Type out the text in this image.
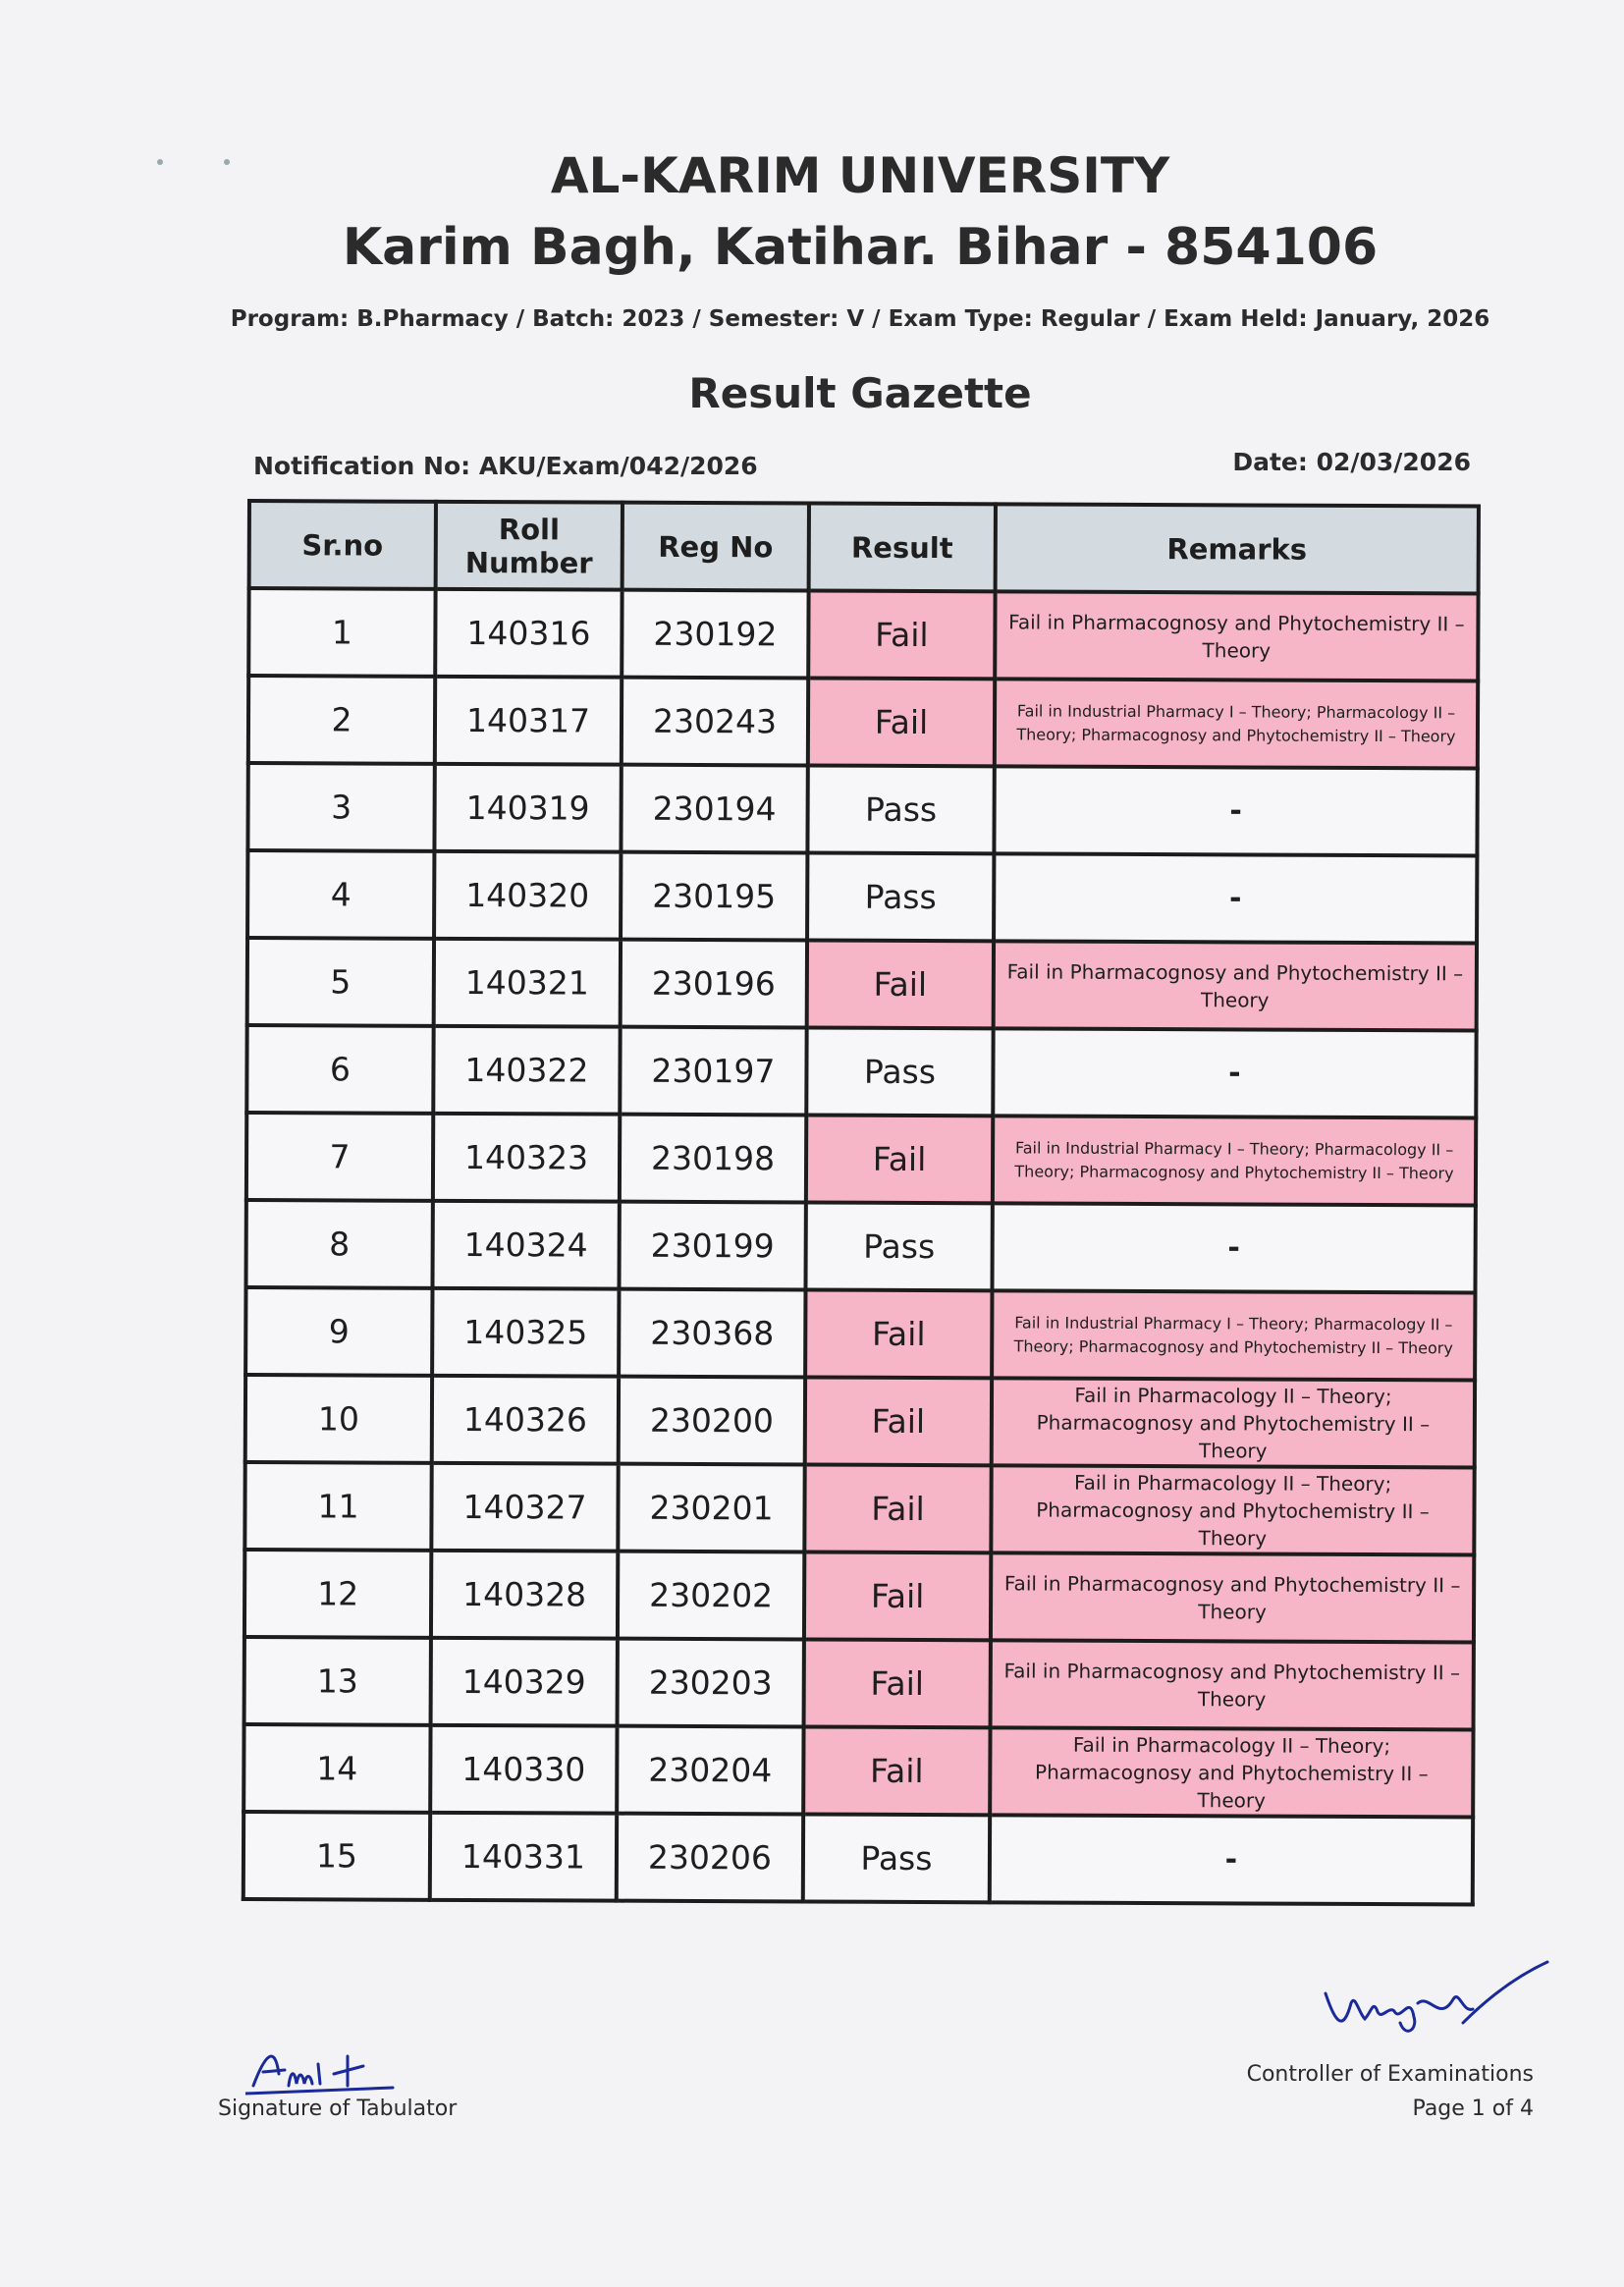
AL-KARIM UNIVERSITY
Karim Bagh, Katihar. Bihar - 854106
Program: B.Pharmacy / Batch: 2023 / Semester: V / Exam Type: Regular / Exam Held: January, 2026
Result Gazette
Notification No: AKU/Exam/042/2026	Date: 02/03/2026
Sr.no	Roll Number	Reg No	Result	Remarks
1	140316	230192	Fail	Fail in Pharmacognosy and Phytochemistry II – Theory
2	140317	230243	Fail	Fail in Industrial Pharmacy I – Theory; Pharmacology II – Theory; Pharmacognosy and Phytochemistry II – Theory
3	140319	230194	Pass	-
4	140320	230195	Pass	-
5	140321	230196	Fail	Fail in Pharmacognosy and Phytochemistry II – Theory
6	140322	230197	Pass	-
7	140323	230198	Fail	Fail in Industrial Pharmacy I – Theory; Pharmacology II – Theory; Pharmacognosy and Phytochemistry II – Theory
8	140324	230199	Pass	-
9	140325	230368	Fail	Fail in Industrial Pharmacy I – Theory; Pharmacology II – Theory; Pharmacognosy and Phytochemistry II – Theory
10	140326	230200	Fail	Fail in Pharmacology II – Theory; Pharmacognosy and Phytochemistry II – Theory
11	140327	230201	Fail	Fail in Pharmacology II – Theory; Pharmacognosy and Phytochemistry II – Theory
12	140328	230202	Fail	Fail in Pharmacognosy and Phytochemistry II – Theory
13	140329	230203	Fail	Fail in Pharmacognosy and Phytochemistry II – Theory
14	140330	230204	Fail	Fail in Pharmacology II – Theory; Pharmacognosy and Phytochemistry II – Theory
15	140331	230206	Pass	-
Signature of Tabulator
Controller of Examinations
Page 1 of 4
